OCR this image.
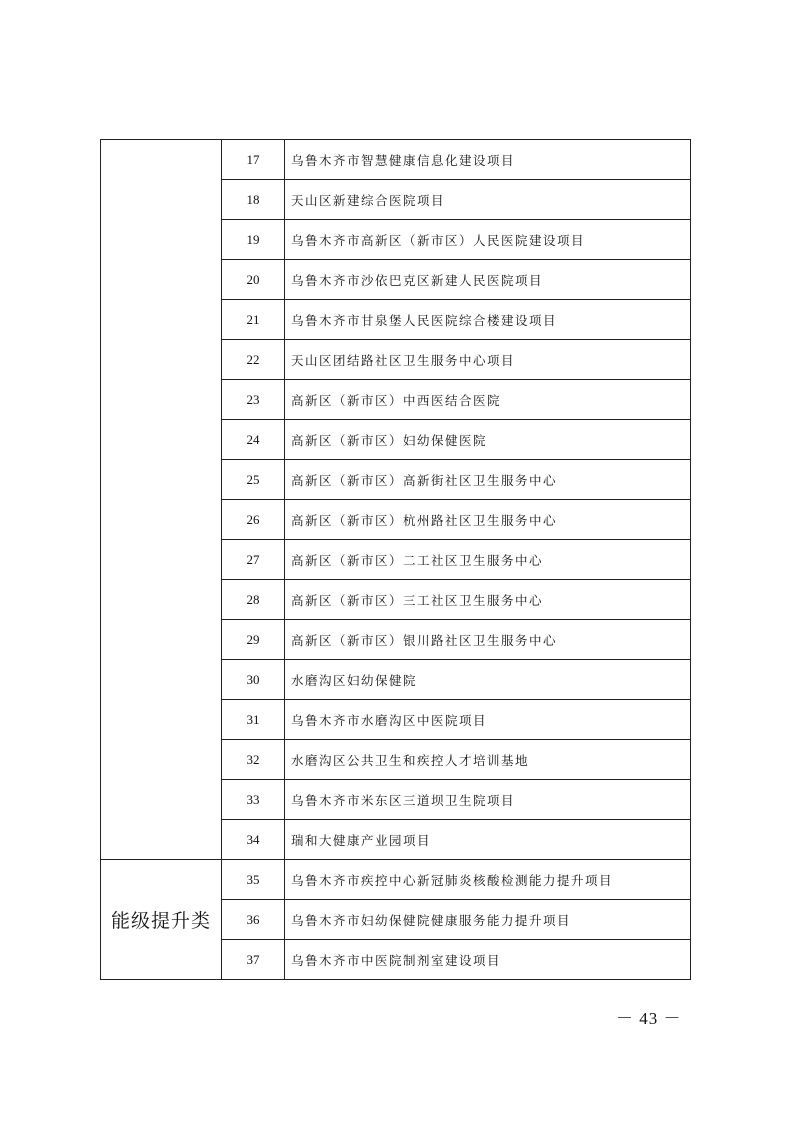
	17	乌鲁木齐市智慧健康信息化建设项目
	18	天山区新建综合医院项目
	19	乌鲁木齐市高新区（新市区）人民医院建设项目
	20	乌鲁木齐市沙依巴克区新建人民医院项目
	21	乌鲁木齐市甘泉堡人民医院综合楼建设项目
	22	天山区团结路社区卫生服务中心项目
	23	高新区（新市区）中西医结合医院
	24	高新区（新市区）妇幼保健医院
	25	高新区（新市区）高新街社区卫生服务中心
	26	高新区（新市区）杭州路社区卫生服务中心
	27	高新区（新市区）二工社区卫生服务中心
	28	高新区（新市区）三工社区卫生服务中心
	29	高新区（新市区）银川路社区卫生服务中心
	30	水磨沟区妇幼保健院
	31	乌鲁木齐市水磨沟区中医院项目
	32	水磨沟区公共卫生和疾控人才培训基地
	33	乌鲁木齐市米东区三道坝卫生院项目
	34	瑞和大健康产业园项目
能级提升类	35	乌鲁木齐市疾控中心新冠肺炎核酸检测能力提升项目
	36	乌鲁木齐市妇幼保健院健康服务能力提升项目
	37	乌鲁木齐市中医院制剂室建设项目
－ 43 －
